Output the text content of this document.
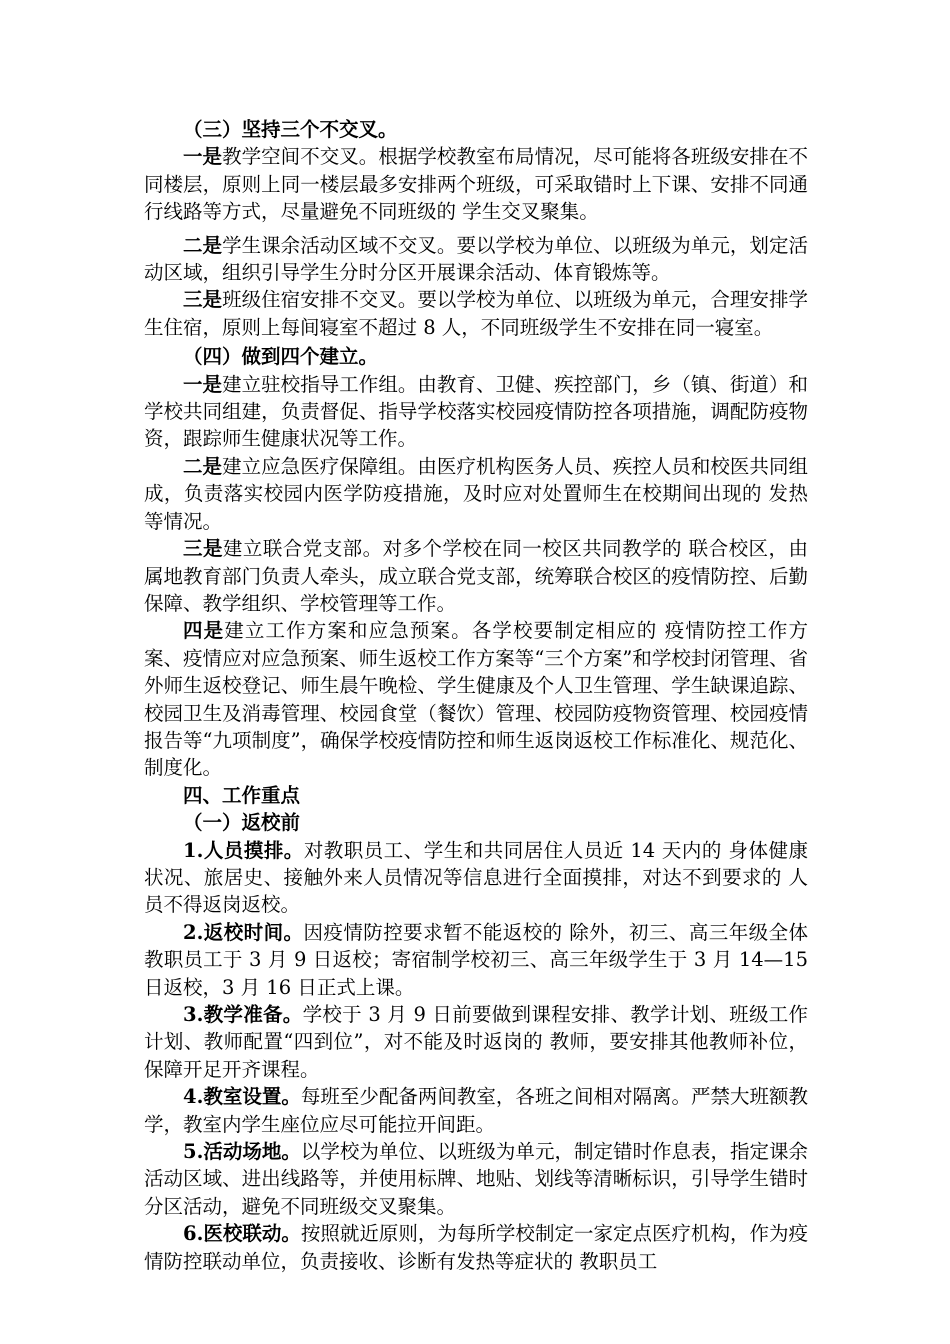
（三）坚持三个不交叉。

一是教学空间不交叉。根据学校教室布局情况，尽可能将各班级安排在不同楼层，原则上同一楼层最多安排两个班级，可采取错时上下课、安排不同通行线路等方式，尽量避免不同班级的 学生交叉聚集。

二是学生课余活动区域不交叉。要以学校为单位、以班级为单元，划定活动区域，组织引导学生分时分区开展课余活动、体育锻炼等。

三是班级住宿安排不交叉。要以学校为单位、以班级为单元，合理安排学生住宿，原则上每间寝室不超过 8 人，不同班级学生不安排在同一寝室。

（四）做到四个建立。

一是建立驻校指导工作组。由教育、卫健、疾控部门，乡（镇、街道）和学校共同组建，负责督促、指导学校落实校园疫情防控各项措施，调配防疫物资，跟踪师生健康状况等工作。

二是建立应急医疗保障组。由医疗机构医务人员、疾控人员和校医共同组成，负责落实校园内医学防疫措施，及时应对处置师生在校期间出现的 发热等情况。

三是建立联合党支部。对多个学校在同一校区共同教学的 联合校区，由属地教育部门负责人牵头，成立联合党支部，统筹联合校区的疫情防控、后勤保障、教学组织、学校管理等工作。

四是建立工作方案和应急预案。各学校要制定相应的 疫情防控工作方案、疫情应对应急预案、师生返校工作方案等“三个方案”和学校封闭管理、省外师生返校登记、师生晨午晚检、学生健康及个人卫生管理、学生缺课追踪、校园卫生及消毒管理、校园食堂（餐饮）管理、校园防疫物资管理、校园疫情报告等“九项制度”，确保学校疫情防控和师生返岗返校工作标准化、规范化、制度化。

四、工作重点
（一）返校前

1.人员摸排。对教职员工、学生和共同居住人员近 14 天内的 身体健康状况、旅居史、接触外来人员情况等信息进行全面摸排，对达不到要求的 人员不得返岗返校。

2.返校时间。因疫情防控要求暂不能返校的 除外，初三、高三年级全体教职员工于 3 月 9 日返校；寄宿制学校初三、高三年级学生于 3 月 14—15 日返校，3 月 16 日正式上课。

3.教学准备。学校于 3 月 9 日前要做到课程安排、教学计划、班级工作计划、教师配置“四到位”，对不能及时返岗的 教师，要安排其他教师补位，保障开足开齐课程。

4.教室设置。每班至少配备两间教室，各班之间相对隔离。严禁大班额教学，教室内学生座位应尽可能拉开间距。

5.活动场地。以学校为单位、以班级为单元，制定错时作息表，指定课余活动区域、进出线路等，并使用标牌、地贴、划线等清晰标识，引导学生错时分区活动，避免不同班级交叉聚集。

6.医校联动。按照就近原则，为每所学校制定一家定点医疗机构，作为疫情防控联动单位，负责接收、诊断有发热等症状的 教职员工
